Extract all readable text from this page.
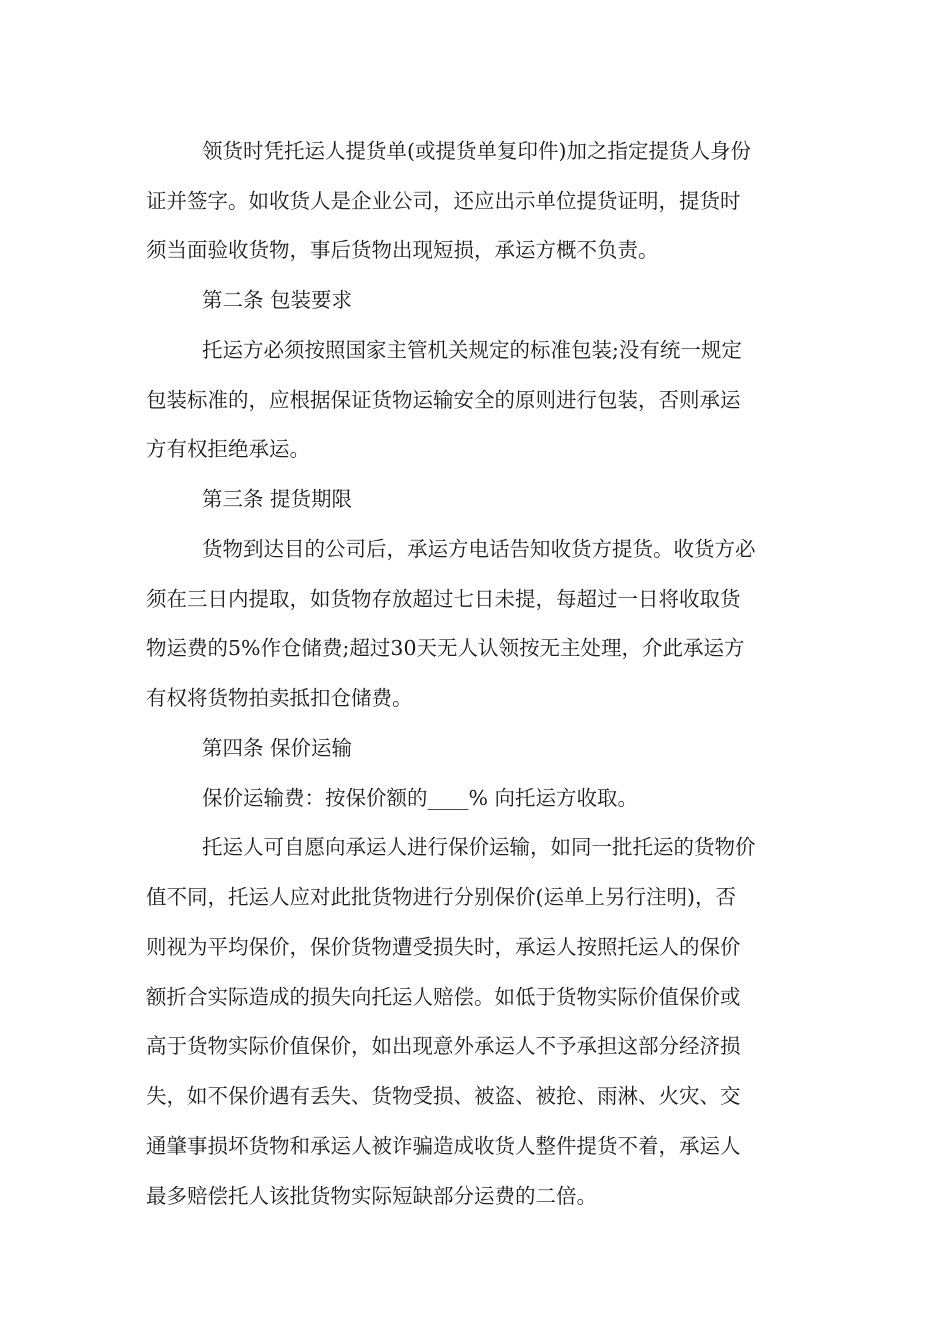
领货时凭托运人提货单(或提货单复印件)加之指定提货人身份

证并签字。如收货人是企业公司，还应出示单位提货证明，提货时

须当面验收货物，事后货物出现短损，承运方概不负责。

第二条 包装要求

托运方必须按照国家主管机关规定的标准包装;没有统一规定

包装标准的，应根据保证货物运输安全的原则进行包装，否则承运

方有权拒绝承运。

第三条 提货期限

货物到达目的公司后，承运方电话告知收货方提货。收货方必

须在三日内提取，如货物存放超过七日未提，每超过一日将收取货

物运费的5%作仓储费;超过30天无人认领按无主处理，介此承运方

有权将货物拍卖抵扣仓储费。

第四条 保价运输

保价运输费：按保价额的____% 向托运方收取。

托运人可自愿向承运人进行保价运输，如同一批托运的货物价

值不同，托运人应对此批货物进行分别保价(运单上另行注明)，否

则视为平均保价，保价货物遭受损失时，承运人按照托运人的保价

额折合实际造成的损失向托运人赔偿。如低于货物实际价值保价或

高于货物实际价值保价，如出现意外承运人不予承担这部分经济损

失，如不保价遇有丢失、货物受损、被盗、被抢、雨淋、火灾、交

通肇事损坏货物和承运人被诈骗造成收货人整件提货不着，承运人

最多赔偿托人该批货物实际短缺部分运费的二倍。
